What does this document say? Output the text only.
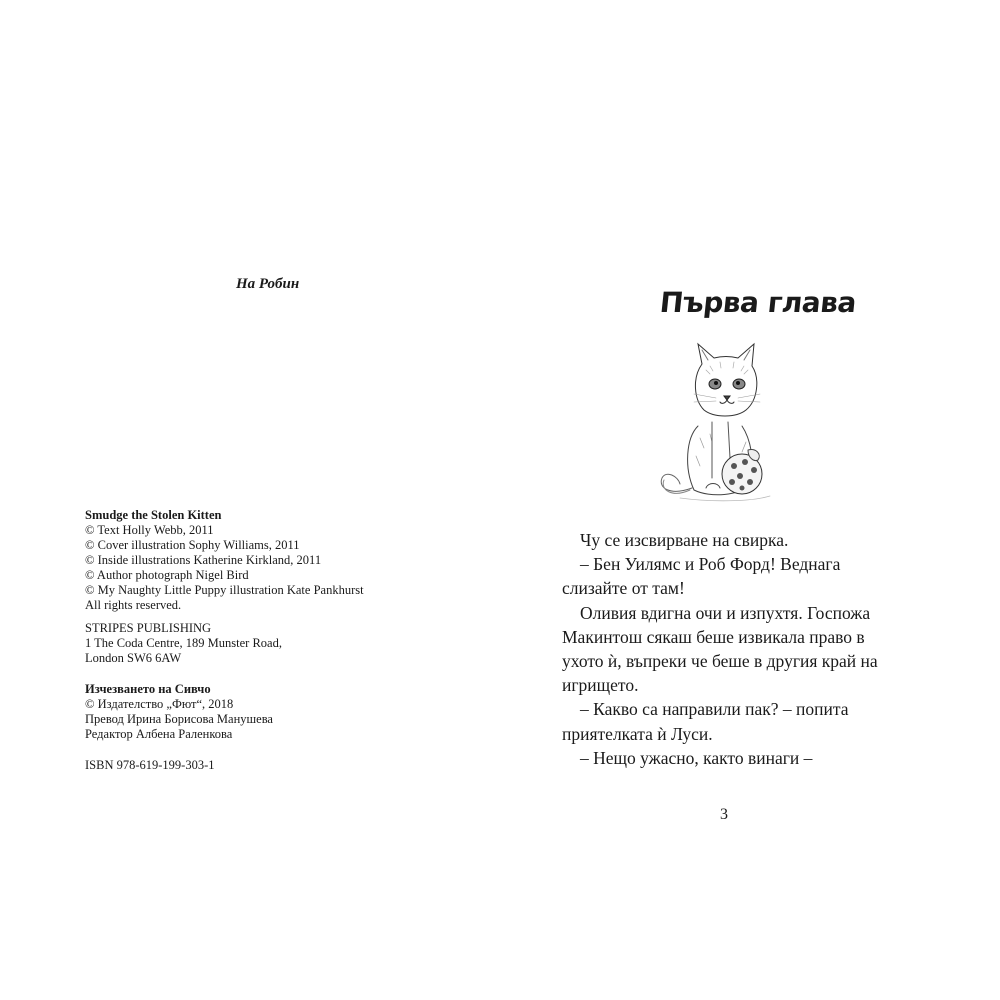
На Робин
Smudge the Stolen Kitten
© Text Holly Webb, 2011
© Cover illustration Sophy Williams, 2011
© Inside illustrations Katherine Kirkland, 2011
© Author photograph Nigel Bird
© My Naughty Little Puppy illustration Kate Pankhurst
All rights reserved.
STRIPES PUBLISHING
1 The Coda Centre, 189 Munster Road,
London SW6 6AW
Изчезването на Сивчо
© Издателство „Фют“, 2018
Превод Ирина Борисова Манушева
Редактор Албена Раленкова
ISBN 978-619-199-303-1
Първа глава

Чу се изсвирване на свирка.

– Бен Уилямс и Роб Форд! Веднага
слизайте от там!

Оливия вдигна очи и изпухтя. Госпожа
Макинтош сякаш беше извикала право в
ухото ѝ, въпреки че беше в другия край на
игрището.

– Какво са направили пак? – попита
приятелката ѝ Луси.

– Нещо ужасно, както винаги –

3
